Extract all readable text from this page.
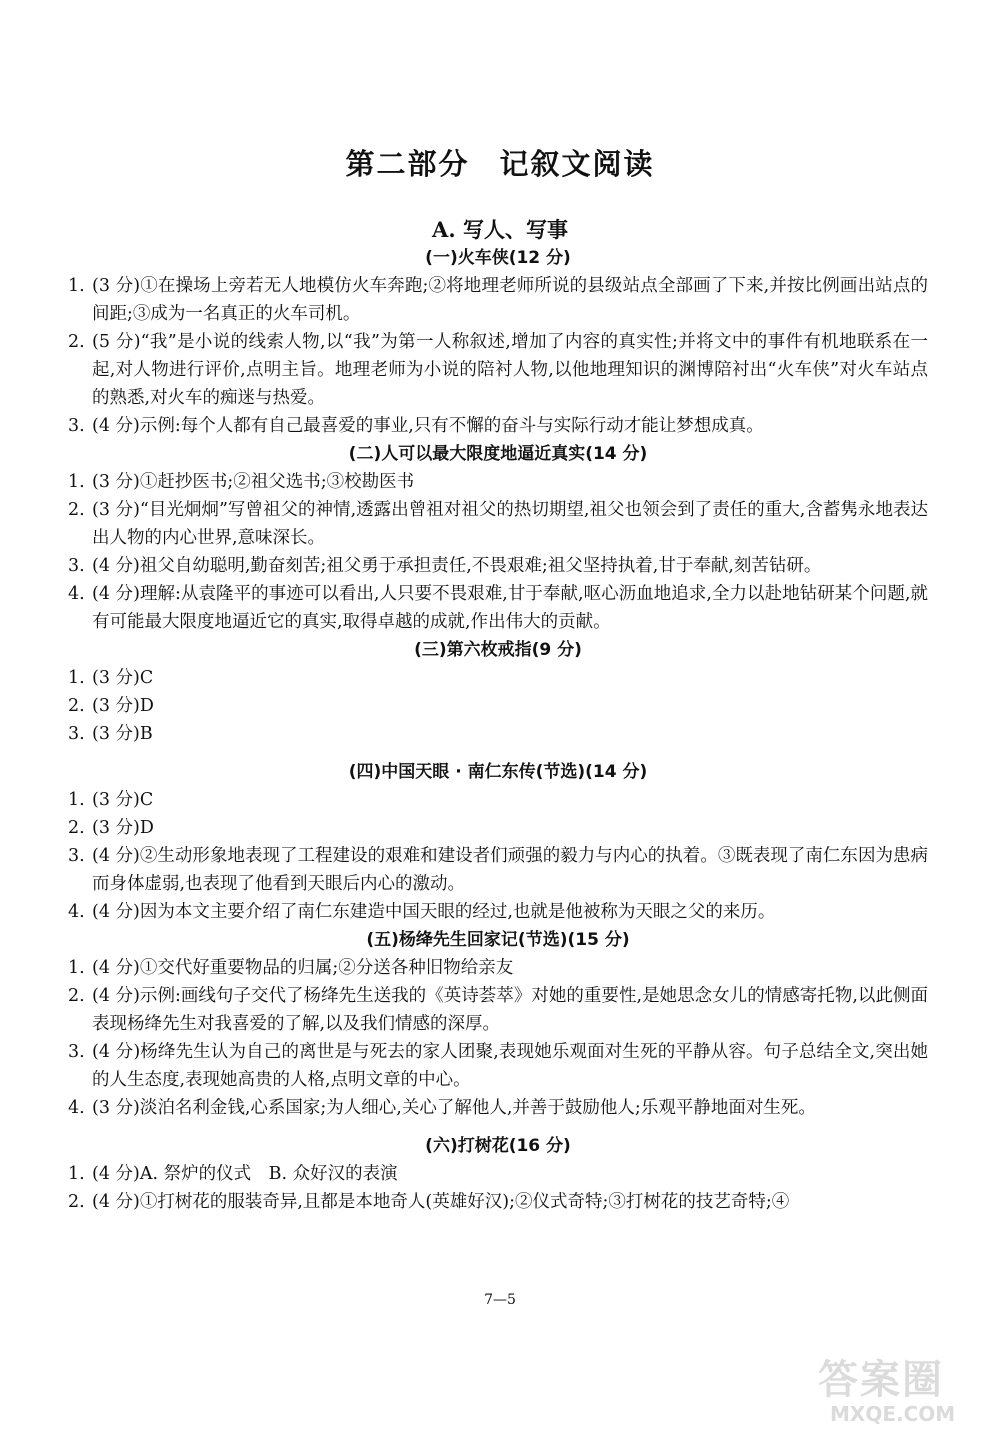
第二部分 记叙文阅读
A. 写人、写事
(一)火车侠(12 分)
1. (3 分)①在操场上旁若无人地模仿火车奔跑;②将地理老师所说的县级站点全部画了下来,并按比例画出站点的间距;③成为一名真正的火车司机。
2. (5 分)“我”是小说的线索人物,以“我”为第一人称叙述,增加了内容的真实性;并将文中的事件有机地联系在一起,对人物进行评价,点明主旨。地理老师为小说的陪衬人物,以他地理知识的渊博陪衬出“火车侠”对火车站点的熟悉,对火车的痴迷与热爱。
3. (4 分)示例:每个人都有自己最喜爱的事业,只有不懈的奋斗与实际行动才能让梦想成真。
(二)人可以最大限度地逼近真实(14 分)
1. (3 分)①赶抄医书;②祖父选书;③校勘医书
2. (3 分)“目光炯炯”写曾祖父的神情,透露出曾祖对祖父的热切期望,祖父也领会到了责任的重大,含蓄隽永地表达出人物的内心世界,意味深长。
3. (4 分)祖父自幼聪明,勤奋刻苦;祖父勇于承担责任,不畏艰难;祖父坚持执着,甘于奉献,刻苦钻研。
4. (4 分)理解:从袁隆平的事迹可以看出,人只要不畏艰难,甘于奉献,呕心沥血地追求,全力以赴地钻研某个问题,就有可能最大限度地逼近它的真实,取得卓越的成就,作出伟大的贡献。
(三)第六枚戒指(9 分)
1. (3 分)C
2. (3 分)D
3. (3 分)B
(四)中国天眼 · 南仁东传(节选)(14 分)
1. (3 分)C
2. (3 分)D
3. (4 分)②生动形象地表现了工程建设的艰难和建设者们顽强的毅力与内心的执着。③既表现了南仁东因为患病而身体虚弱,也表现了他看到天眼后内心的激动。
4. (4 分)因为本文主要介绍了南仁东建造中国天眼的经过,也就是他被称为天眼之父的来历。
(五)杨绛先生回家记(节选)(15 分)
1. (4 分)①交代好重要物品的归属;②分送各种旧物给亲友
2. (4 分)示例:画线句子交代了杨绛先生送我的《英诗荟萃》对她的重要性,是她思念女儿的情感寄托物,以此侧面表现杨绛先生对我喜爱的了解,以及我们情感的深厚。
3. (4 分)杨绛先生认为自己的离世是与死去的家人团聚,表现她乐观面对生死的平静从容。句子总结全文,突出她的人生态度,表现她高贵的人格,点明文章的中心。
4. (3 分)淡泊名利金钱,心系国家;为人细心,关心了解他人,并善于鼓励他人;乐观平静地面对生死。
(六)打树花(16 分)
1. (4 分)A. 祭炉的仪式　B. 众好汉的表演
2. (4 分)①打树花的服装奇异,且都是本地奇人(英雄好汉);②仪式奇特;③打树花的技艺奇特;④
7—5
答案圈
MXQE.COM
